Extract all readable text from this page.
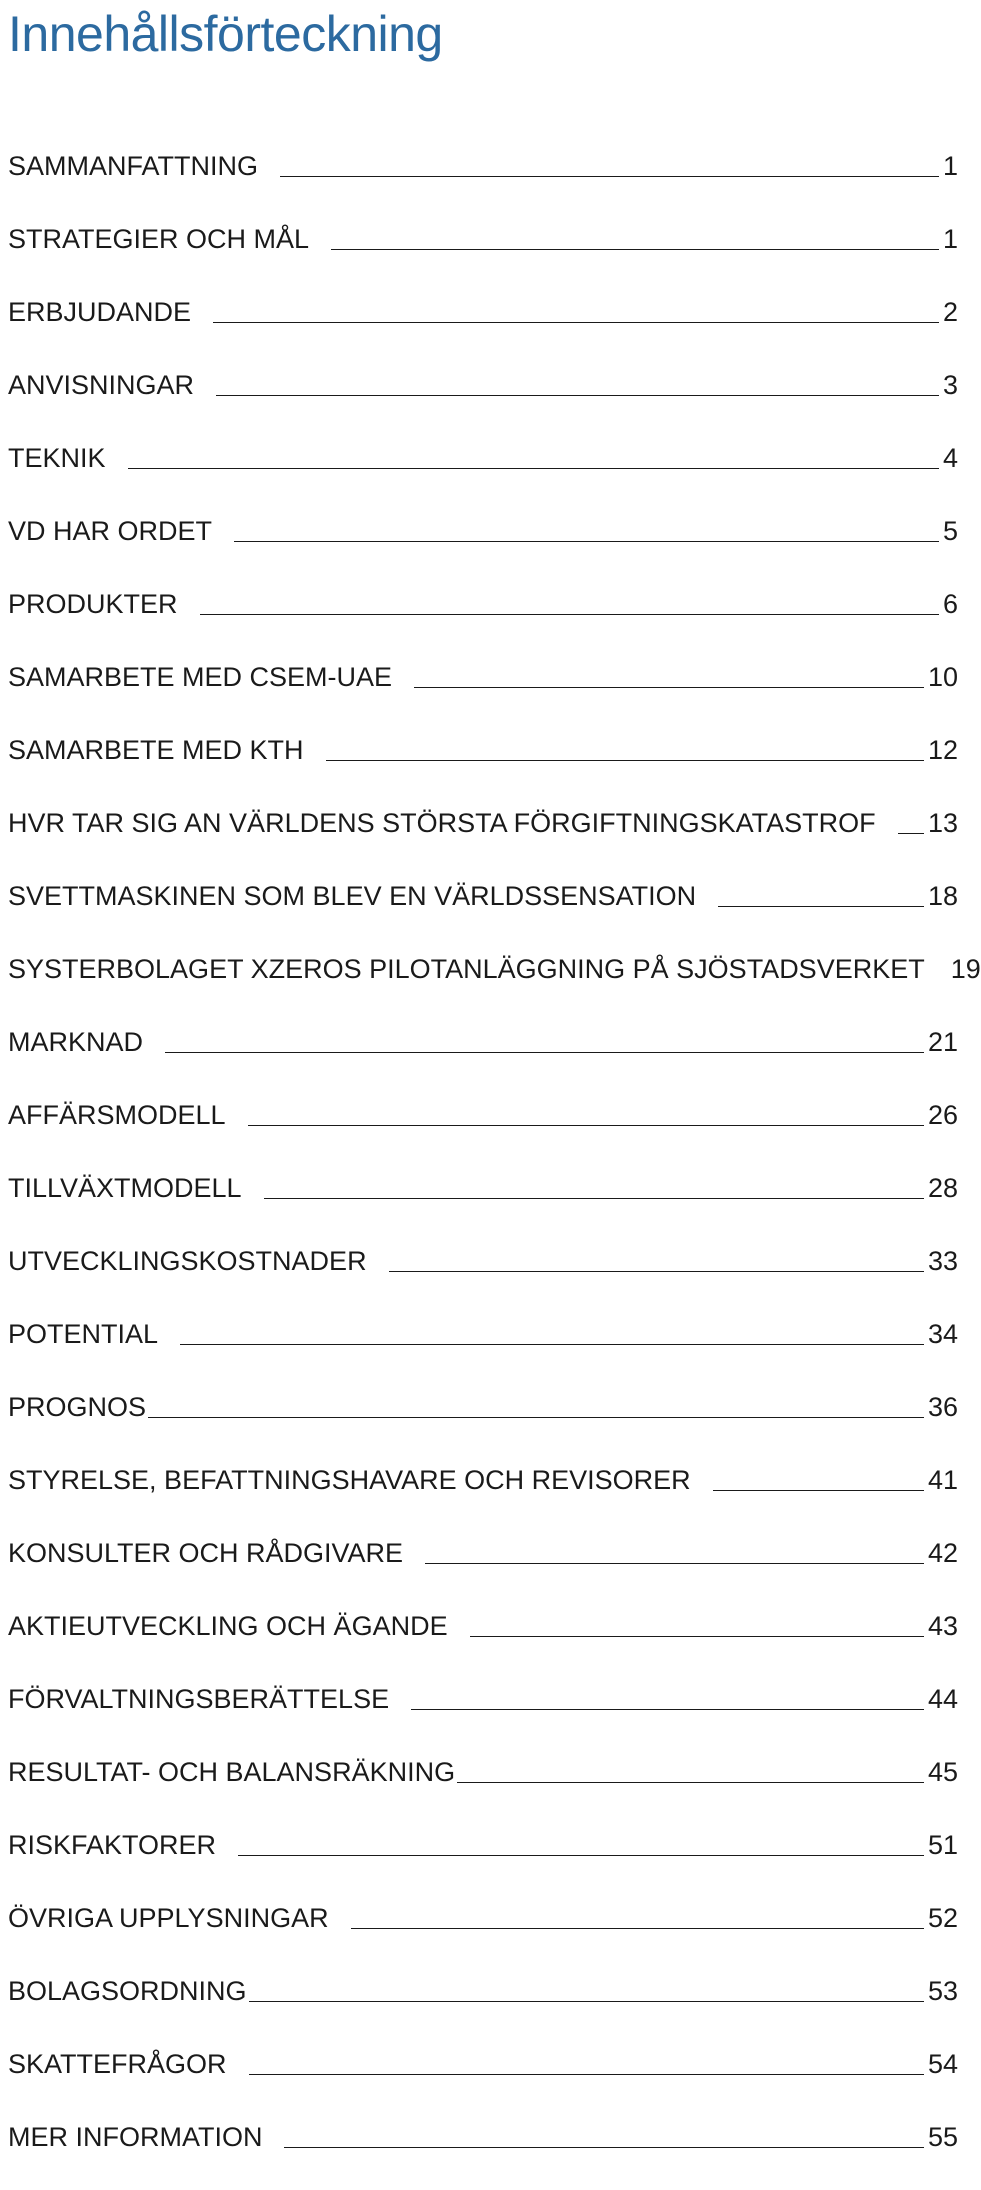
Innehållsförteckning
SAMMANFATTNING	1
STRATEGIER OCH MÅL	1
ERBJUDANDE	2
ANVISNINGAR	3
TEKNIK	4
VD HAR ORDET	5
PRODUKTER	6
SAMARBETE MED CSEM-UAE	10
SAMARBETE MED KTH	12
HVR TAR SIG AN VÄRLDENS STÖRSTA FÖRGIFTNINGSKATASTROF 13
SVETTMASKINEN SOM BLEV EN VÄRLDSSENSATION	18
SYSTERBOLAGET XZEROS PILOTANLÄGGNING PÅ SJÖSTADSVERKET 19
MARKNAD	21
AFFÄRSMODELL	26
TILLVÄXTMODELL	28
UTVECKLINGSKOSTNADER	33
POTENTIAL	34
PROGNOS	36
STYRELSE, BEFATTNINGSHAVARE OCH REVISORER	41
KONSULTER OCH RÅDGIVARE	42
AKTIEUTVECKLING OCH ÄGANDE	43
FÖRVALTNINGSBERÄTTELSE	44
RESULTAT- OCH BALANSRÄKNING	45
RISKFAKTORER	51
ÖVRIGA UPPLYSNINGAR	52
BOLAGSORDNING	53
SKATTEFRÅGOR	54
MER INFORMATION	55
